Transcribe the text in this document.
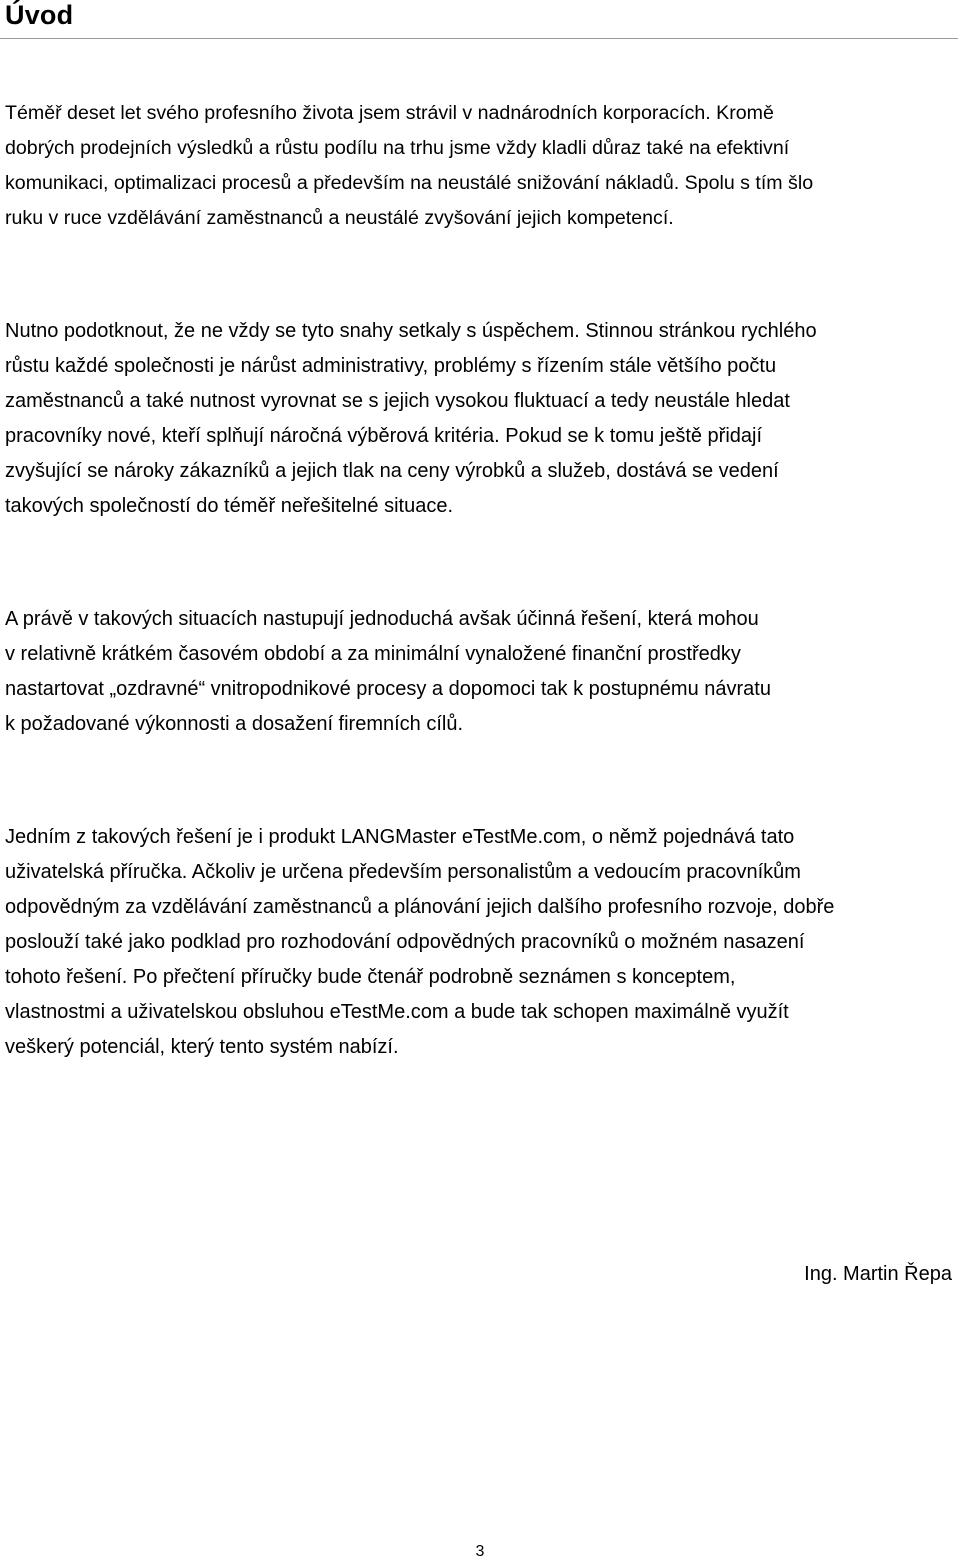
Úvod

Téměř deset let svého profesního života jsem strávil v nadnárodních korporacích. Kromě
dobrých prodejních výsledků a růstu podílu na trhu jsme vždy kladli důraz také na efektivní
komunikaci, optimalizaci procesů a především na neustálé snižování nákladů. Spolu s tím šlo
ruku v ruce vzdělávání zaměstnanců a neustálé zvyšování jejich kompetencí.

Nutno podotknout, že ne vždy se tyto snahy setkaly s úspěchem. Stinnou stránkou rychlého
růstu každé společnosti je nárůst administrativy, problémy s řízením stále většího počtu
zaměstnanců a také nutnost vyrovnat se s jejich vysokou fluktuací a tedy neustále hledat
pracovníky nové, kteří splňují náročná výběrová kritéria. Pokud se k tomu ještě přidají
zvyšující se nároky zákazníků a jejich tlak na ceny výrobků a služeb, dostává se vedení
takových společností do téměř neřešitelné situace.

A právě v takových situacích nastupují jednoduchá avšak účinná řešení, která mohou
v relativně krátkém časovém období a za minimální vynaložené finanční prostředky
nastartovat „ozdravné“ vnitropodnikové procesy a dopomoci tak k postupnému návratu
k požadované výkonnosti a dosažení firemních cílů.

Jedním z takových řešení je i produkt LANGMaster eTestMe.com, o němž pojednává tato
uživatelská příručka. Ačkoliv je určena především personalistům a vedoucím pracovníkům
odpovědným za vzdělávání zaměstnanců a plánování jejich dalšího profesního rozvoje, dobře
poslouží také jako podklad pro rozhodování odpovědných pracovníků o možném nasazení
tohoto řešení. Po přečtení příručky bude čtenář podrobně seznámen s konceptem,
vlastnostmi a uživatelskou obsluhou eTestMe.com a bude tak schopen maximálně využít
veškerý potenciál, který tento systém nabízí.

Ing. Martin Řepa

3
